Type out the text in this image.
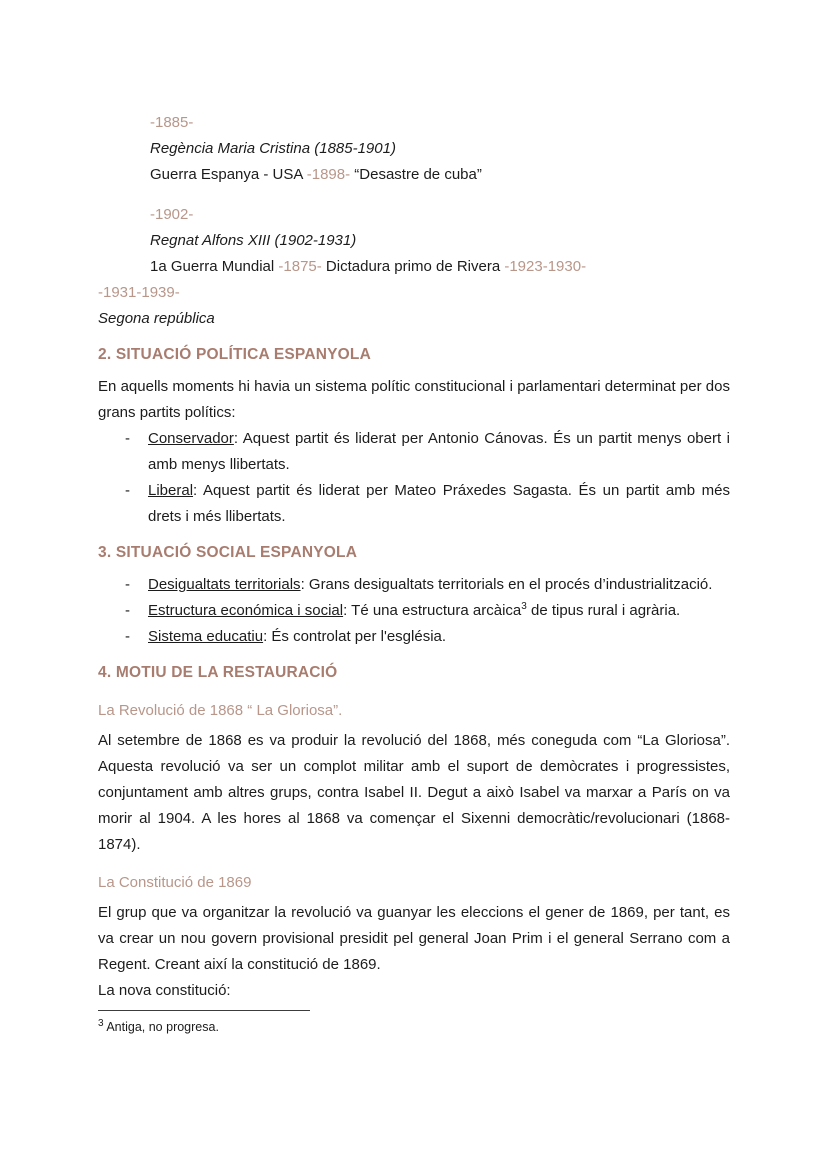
-1885-

Regència Maria Cristina (1885-1901)

Guerra Espanya - USA -1898- “Desastre de cuba”

-1902-

Regnat Alfons XIII (1902-1931)

1a Guerra Mundial -1875- Dictadura primo de Rivera -1923-1930-

-1931-1939-

Segona república

2. SITUACIÓ POLÍTICA ESPANYOLA

En aquells moments hi havia un sistema polític constitucional i parlamentari determinat per dos grans partits polítics:

- Conservador: Aquest partit és liderat per Antonio Cánovas. És un partit menys obert i amb menys llibertats.
- Liberal: Aquest partit és liderat per Mateo Práxedes Sagasta. És un partit amb més drets i més llibertats.

3. SITUACIÓ SOCIAL ESPANYOLA

- Desigualtats territorials: Grans desigualtats territorials en el procés d’industrialització.
- Estructura económica i social: Té una estructura arcàica$^3$ de tipus rural i agrària.
- Sistema educatiu: És controlat per l'església.

4. MOTIU DE LA RESTAURACIÓ

La Revolució de 1868 “ La Gloriosa”.

Al setembre de 1868 es va produir la revolució del 1868, més coneguda com “La Gloriosa”. Aquesta revolució va ser un complot militar amb el suport de demòcrates i progressistes, conjuntament amb altres grups, contra Isabel II. Degut a això Isabel va marxar a París on va morir al 1904. A les hores al 1868 va començar el Sixenni democràtic/revolucionari (1868-1874).

La Constitució de 1869

El grup que va organitzar la revolució va guanyar les eleccions el gener de 1869, per tant, es va crear un nou govern provisional presidit pel general Joan Prim i el general Serrano com a Regent. Creant així la constitució de 1869.

La nova constitució:

$^3$ Antiga, no progresa.
